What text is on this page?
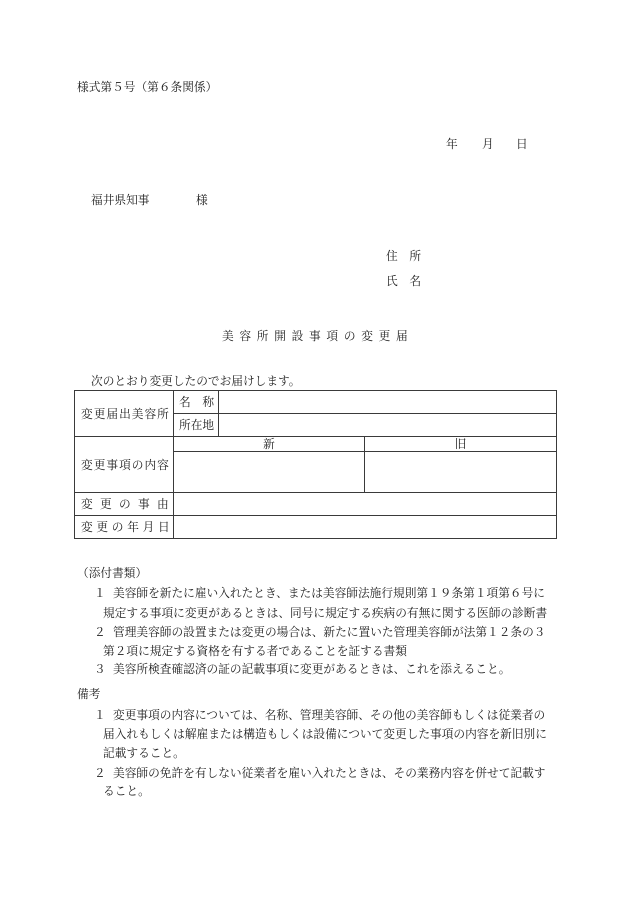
様式第５号（第６条関係）
年 月 日
福井県知事	様
住　所
氏　名
美 容 所 開 設 事 項 の 変 更 届
次のとおり変更したのでお届けします。
変更届出美容所	名　称		
	所在地		
変更事項の内容	新		旧

変 更 の 事 由			
変 更 の 年 月 日			
（添付書類）
１ 美容師を新たに雇い入れたとき、または美容師法施行規則第１９条第１項第６号に
規定する事項に変更があるときは、同号に規定する疾病の有無に関する医師の診断書
２ 管理美容師の設置または変更の場合は、新たに置いた管理美容師が法第１２条の３
第２項に規定する資格を有する者であることを証する書類
３ 美容所検査確認済の証の記載事項に変更があるときは、これを添えること。
備考
１ 変更事項の内容については、名称、管理美容師、その他の美容師もしくは従業者の
届入れもしくは解雇または構造もしくは設備について変更した事項の内容を新旧別に
記載すること。
２ 美容師の免許を有しない従業者を雇い入れたときは、その業務内容を併せて記載す
ること。
